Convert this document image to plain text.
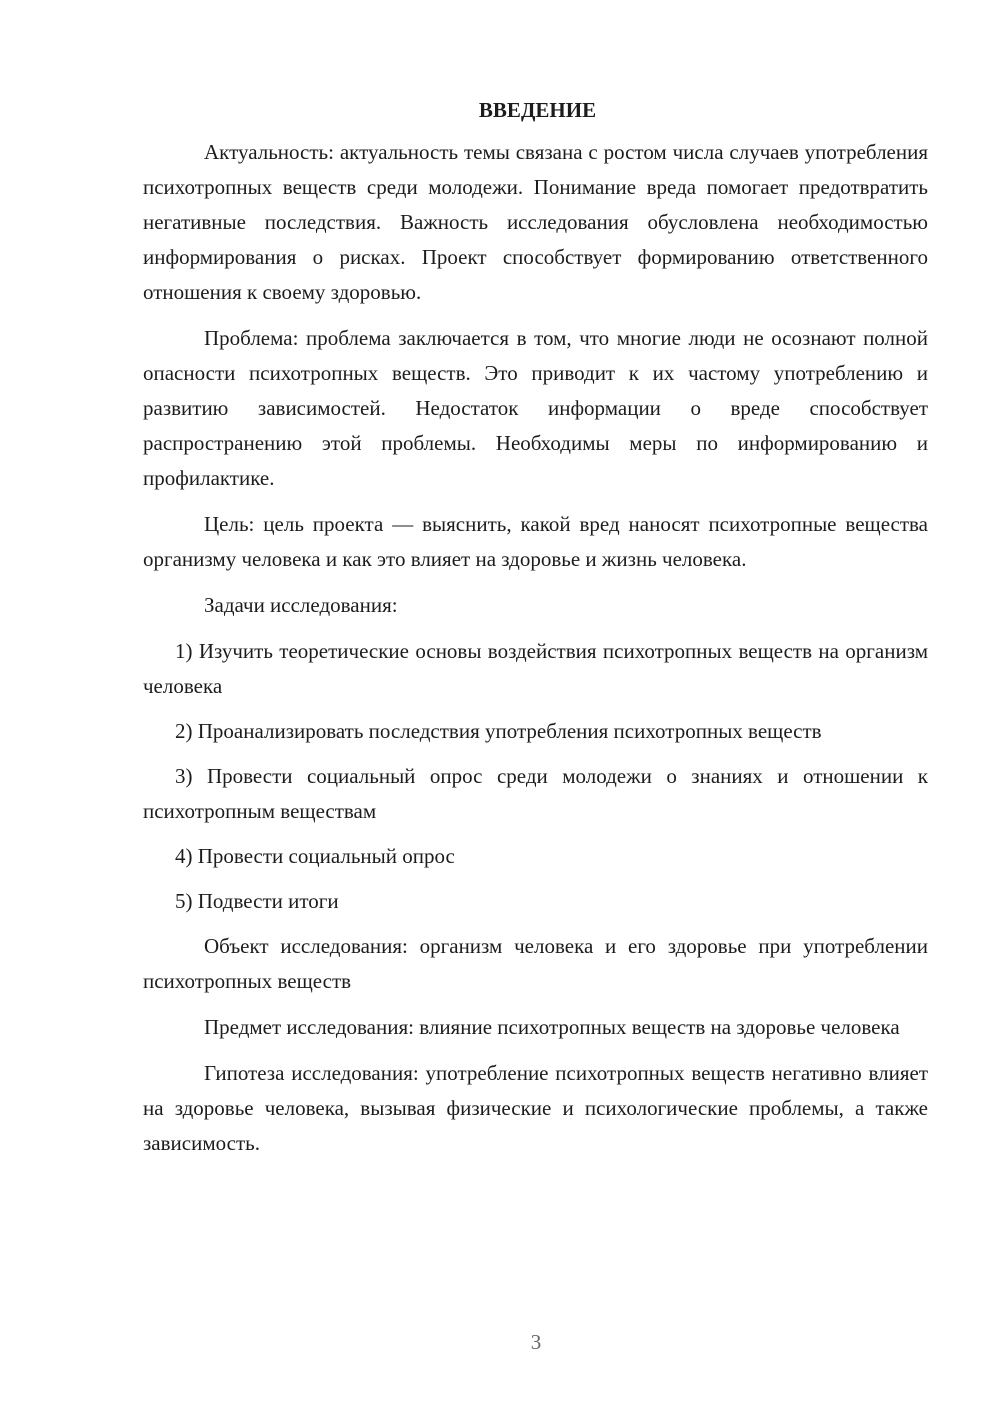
ВВЕДЕНИЕ

Актуальность: актуальность темы связана с ростом числа случаев употребления психотропных веществ среди молодежи. Понимание вреда помогает предотвратить негативные последствия. Важность исследования обусловлена необходимостью информирования о рисках. Проект способствует формированию ответственного отношения к своему здоровью.

Проблема: проблема заключается в том, что многие люди не осознают полной опасности психотропных веществ. Это приводит к их частому употреблению и развитию зависимостей. Недостаток информации о вреде способствует распространению этой проблемы. Необходимы меры по информированию и профилактике.

Цель: цель проекта — выяснить, какой вред наносят психотропные вещества организму человека и как это влияет на здоровье и жизнь человека.

Задачи исследования:

1) Изучить теоретические основы воздействия психотропных веществ на организм человека

2) Проанализировать последствия употребления психотропных веществ

3) Провести социальный опрос среди молодежи о знаниях и отношении к психотропным веществам

4) Провести социальный опрос

5) Подвести итоги

Объект исследования: организм человека и его здоровье при употреблении психотропных веществ

Предмет исследования: влияние психотропных веществ на здоровье человека

Гипотеза исследования: употребление психотропных веществ негативно влияет на здоровье человека, вызывая физические и психологические проблемы, а также зависимость.

3
